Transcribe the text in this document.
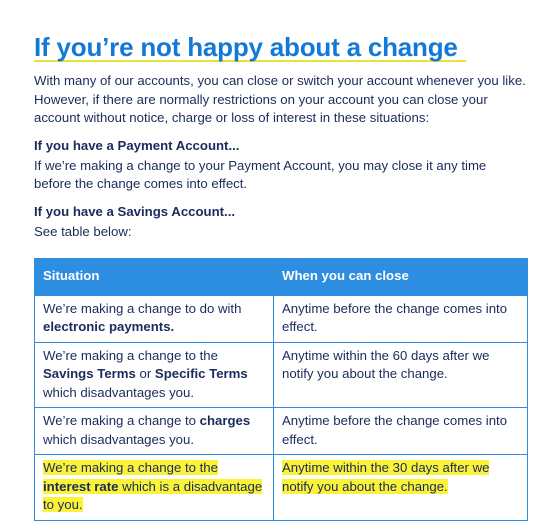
If you’re not happy about a change

With many of our accounts, you can close or switch your account whenever you like. However, if there are normally restrictions on your account you can close your account without notice, charge or loss of interest in these situations:

If you have a Payment Account...

If we’re making a change to your Payment Account, you may close it any time before the change comes into effect.

If you have a Savings Account...

See table below:

Situation	When you can close
We’re making a change to do with electronic payments.	Anytime before the change comes into effect.
We’re making a change to the Savings Terms or Specific Terms which disadvantages you.	Anytime within the 60 days after we notify you about the change.
We’re making a change to charges which disadvantages you.	Anytime before the change comes into effect.
We’re making a change to the interest rate which is a disadvantage to you.	Anytime within the 30 days after we notify you about the change.
